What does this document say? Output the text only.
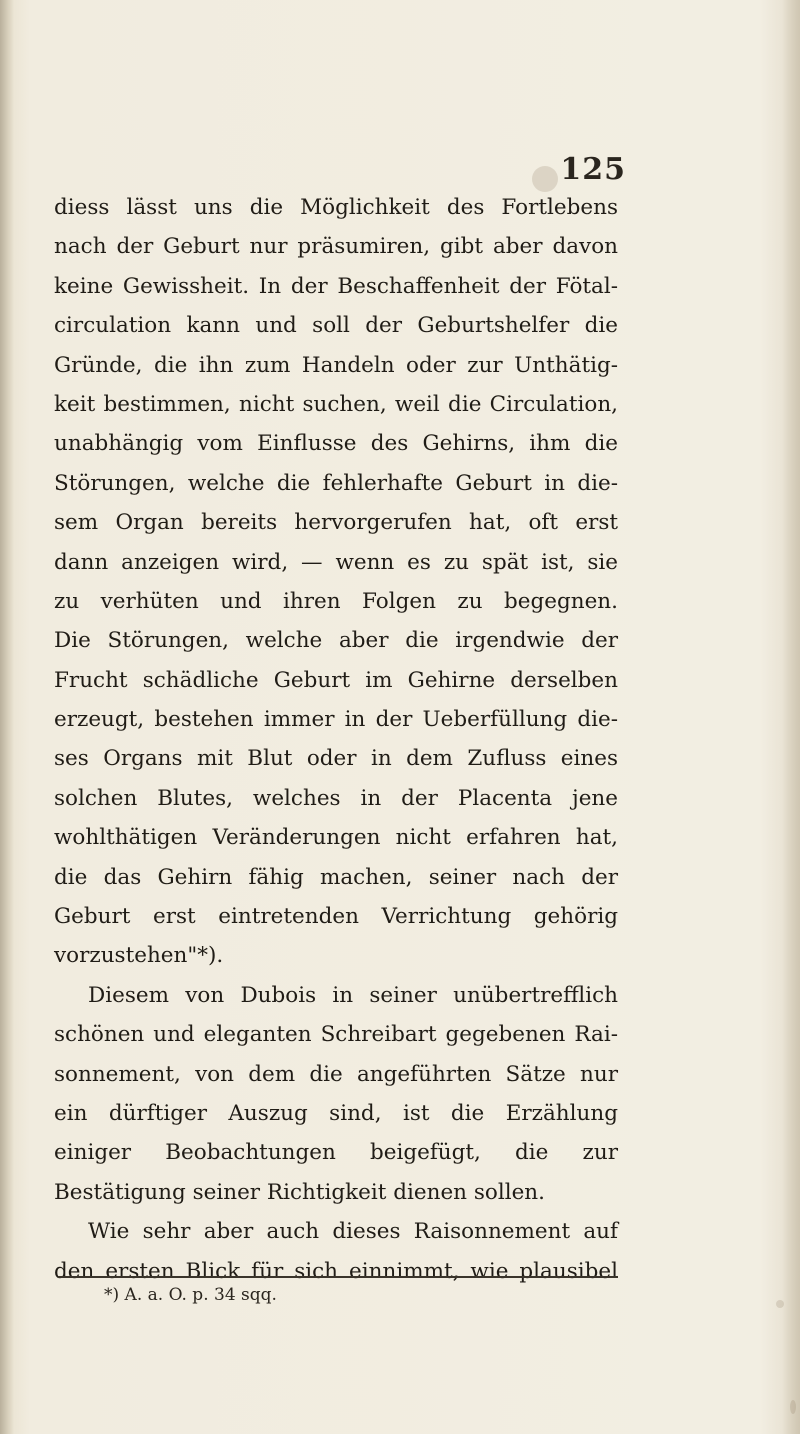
125
diess lässt uns die Möglichkeit des Fortlebens
nach der Geburt nur präsumiren, gibt aber davon
keine Gewissheit. In der Beschaffenheit der Fötal-
circulation kann und soll der Geburtshelfer die
Gründe, die ihn zum Handeln oder zur Unthätig-
keit bestimmen, nicht suchen, weil die Circulation,
unabhängig vom Einflusse des Gehirns, ihm die
Störungen, welche die fehlerhafte Geburt in die-
sem Organ bereits hervorgerufen hat, oft erst
dann anzeigen wird, — wenn es zu spät ist, sie
zu verhüten und ihren Folgen zu begegnen.
Die Störungen, welche aber die irgendwie der
Frucht schädliche Geburt im Gehirne derselben
erzeugt, bestehen immer in der Ueberfüllung die-
ses Organs mit Blut oder in dem Zufluss eines
solchen Blutes, welches in der Placenta jene
wohlthätigen Veränderungen nicht erfahren hat,
die das Gehirn fähig machen, seiner nach der
Geburt erst eintretenden Verrichtung gehörig
vorzustehen"*).
Diesem von Dubois in seiner unübertrefflich
schönen und eleganten Schreibart gegebenen Rai-
sonnement, von dem die angeführten Sätze nur
ein dürftiger Auszug sind, ist die Erzählung
einiger Beobachtungen beigefügt, die zur
Bestätigung seiner Richtigkeit dienen sollen.
Wie sehr aber auch dieses Raisonnement auf
den ersten Blick für sich einnimmt, wie plausibel
*) A. a. O. p. 34 sqq.
